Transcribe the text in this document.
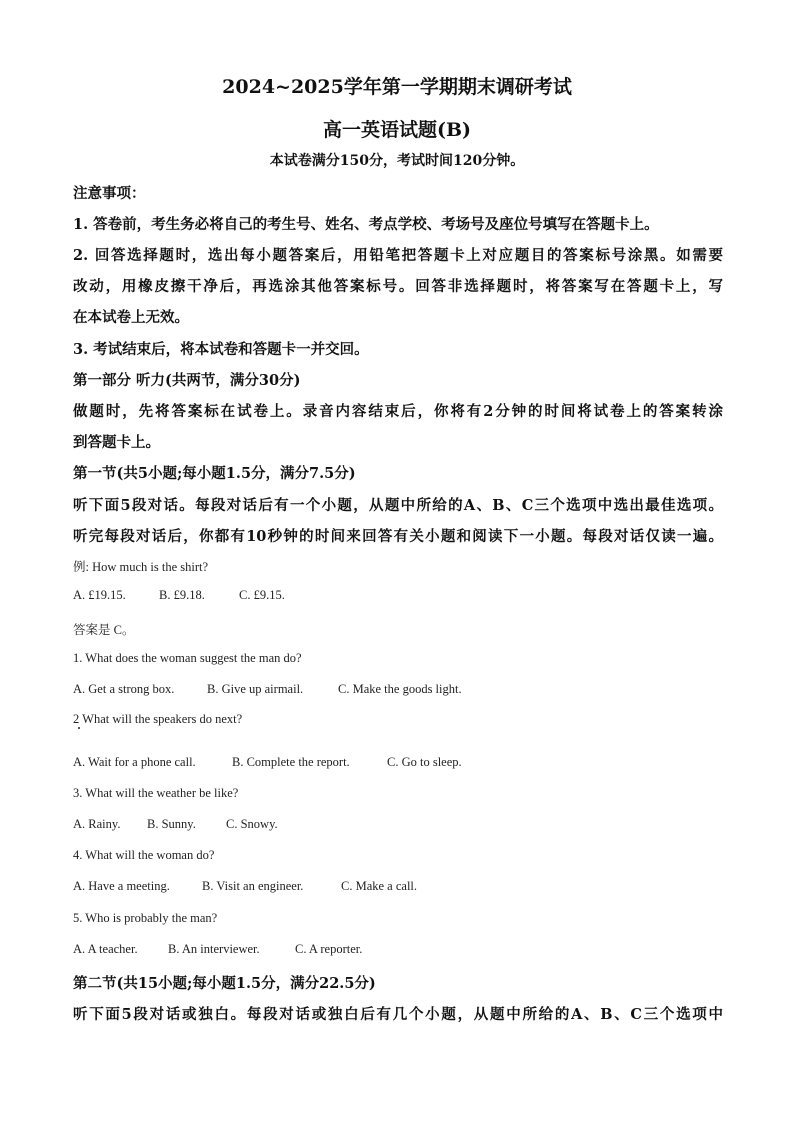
2024~2025学年第一学期期末调研考试
高一英语试题(B)
本试卷满分150分，考试时间120分钟。
注意事项：
1. 答卷前，考生务必将自己的考生号、姓名、考点学校、考场号及座位号填写在答题卡上。
2. 回答选择题时，选出每小题答案后，用铅笔把答题卡上对应题目的答案标号涂黑。如需要
改动，用橡皮擦干净后，再选涂其他答案标号。回答非选择题时，将答案写在答题卡上，写
在本试卷上无效。
3. 考试结束后，将本试卷和答题卡一并交回。
第一部分 听力(共两节，满分30分)
做题时，先将答案标在试卷上。录音内容结束后，你将有2分钟的时间将试卷上的答案转涂
到答题卡上。
第一节(共5小题;每小题1.5分，满分7.5分)
听下面5段对话。每段对话后有一个小题，从题中所给的A、B、C三个选项中选出最佳选项。
听完每段对话后，你都有10秒钟的时间来回答有关小题和阅读下一小题。每段对话仅读一遍。
例: How much is the shirt?
A. £19.15.	B. £9.18.	C. £9.15.
答案是 C。
1. What does the woman suggest the man do?
A. Get a strong box.	B. Give up airmail.	C. Make the goods light.
2 What will the speakers do next?
A. Wait for a phone call.	B. Complete the report.	C. Go to sleep.
3. What will the weather be like?
A. Rainy. B. Sunny. C. Snowy.
4. What will the woman do?
A. Have a meeting.	B. Visit an engineer.	C. Make a call.
5. Who is probably the man?
A. A teacher. B. An interviewer.	C. A reporter.
第二节(共15小题;每小题1.5分，满分22.5分)
听下面5段对话或独白。每段对话或独白后有几个小题，从题中所给的A、B、C三个选项中
